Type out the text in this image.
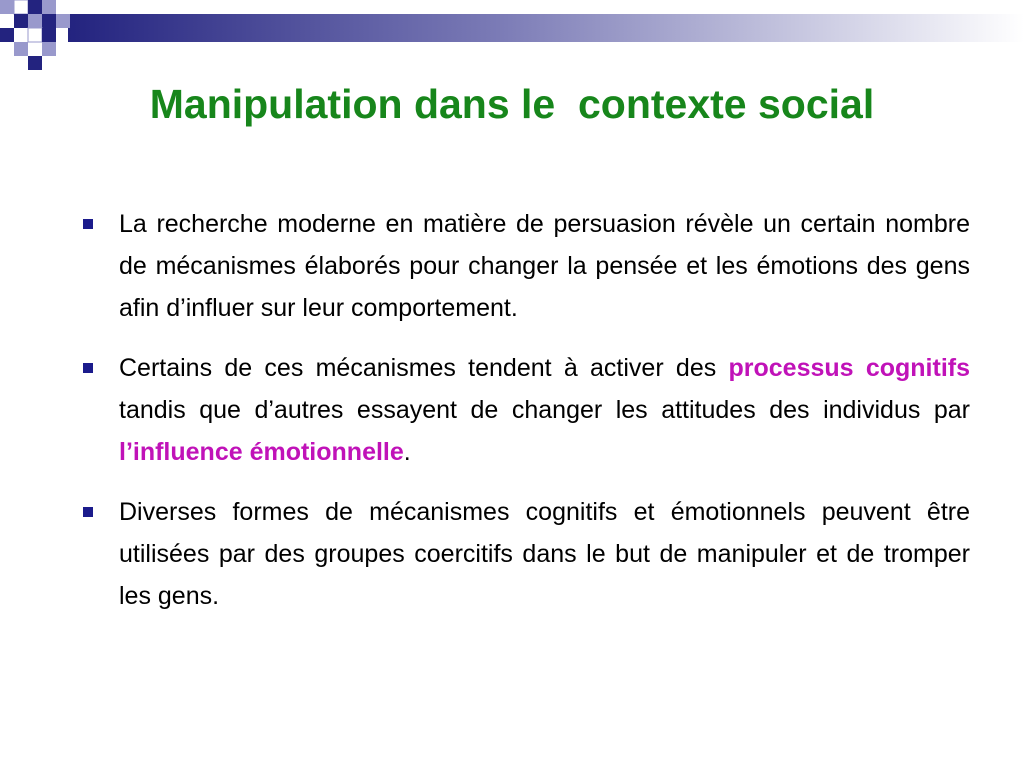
Manipulation dans le  contexte social
La recherche moderne en matière de persuasion révèle un certain nombre de mécanismes élaborés pour changer la pensée et les émotions des gens afin d’influer sur leur comportement.
Certains de ces mécanismes tendent à activer des processus cognitifs tandis que d’autres essayent de changer les attitudes des individus par l’influence émotionnelle.
Diverses formes de mécanismes cognitifs et émotionnels peuvent être utilisées par des groupes coercitifs dans le but de manipuler et de tromper les gens.
